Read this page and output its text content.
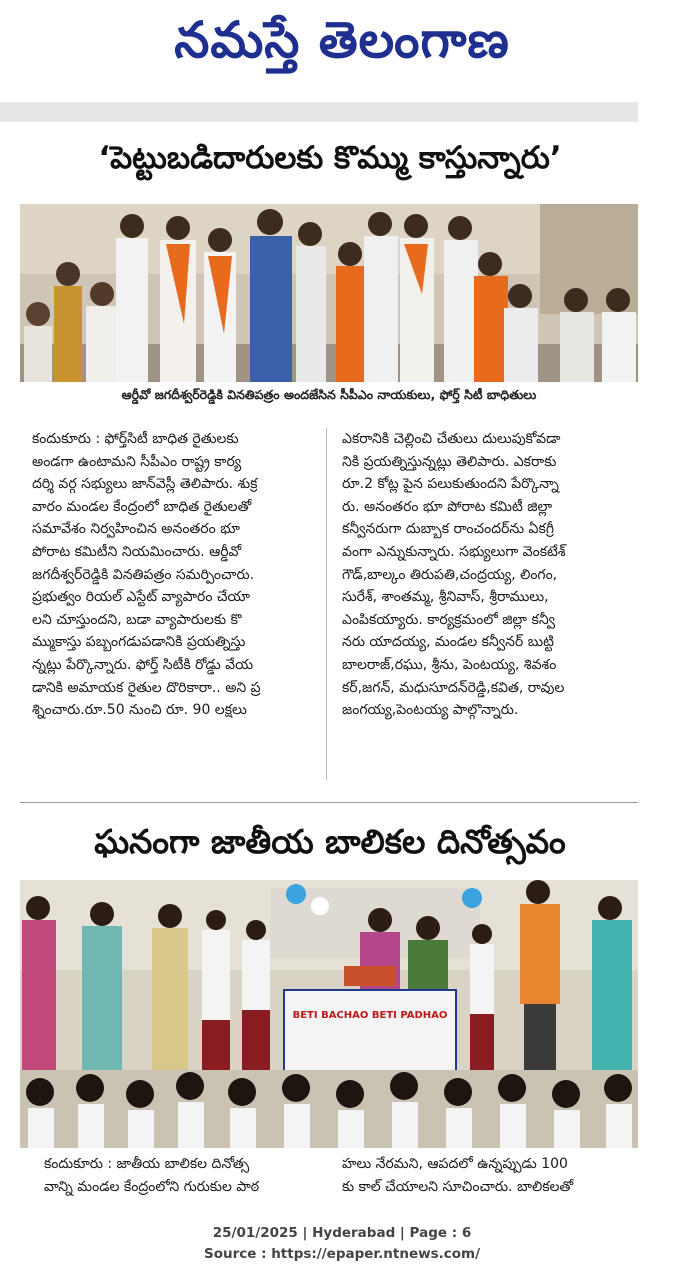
నమస్తే తెలంగాణ
‘పెట్టుబడిదారులకు కొమ్ము కాస్తున్నారు’
ఆర్డీవో జగదీశ్వర్‌రెడ్డికి వినతిపత్రం అందజేసిన సీపీఎం నాయకులు, ఫోర్త్ సిటీ బాధితులు
కందుకూరు : ఫోర్త్‌సిటీ బాధిత రైతులకు
అండగా ఉంటామని సీపీఎం రాష్ట్ర కార్య
దర్శి వర్గ సభ్యులు జాన్‌వెస్లీ తెలిపారు. శుక్ర
వారం మండల కేంద్రంలో బాధిత రైతులతో
సమావేశం నిర్వహించిన అనంతరం భూ
పోరాట కమిటీని నియమించారు. ఆర్డీవో
జగదీశ్వర్‌రెడ్డికి వినతిపత్రం సమర్పించారు.
ప్రభుత్వం రియల్ ఎస్టేట్ వ్యాపారం చేయా
లని చూస్తుందని, బడా వ్యాపారులకు కొ
మ్ముకాస్తు పబ్బంగడుపడానికి ప్రయత్నిస్తు
న్నట్లు పేర్కొన్నారు. ఫోర్త్ సిటీకి రోడ్డు వేయ
డానికి అమాయక రైతుల దొరికారా.. అని ప్ర
శ్నించారు.రూ.50 నుంచి రూ. 90 లక్షలు
ఎకరానికి చెల్లించి చేతులు దులుపుకోవడా
నికి ప్రయత్నిస్తున్నట్లు తెలిపారు. ఎకరాకు
రూ.2 కోట్ల పైన పలుకుతుందని పేర్కొన్నా
రు. అనంతరం భూ పోరాట కమిటీ జిల్లా
కన్వీనరుగా దుబ్బాక రాంచందర్‌ను ఏకగ్రీ
వంగా ఎన్నుకున్నారు. సభ్యులుగా వెంకటేశ్
గౌడ్,బాల్కం తిరుపతి,చంద్రయ్య, లింగం,
సురేశ్, శాంతమ్మ, శ్రీనివాస్, శ్రీరాములు,
ఎంపికయ్యారు. కార్యక్రమంలో జిల్లా కన్వీ
నరు యాదయ్య, మండల కన్వీనర్ బుట్టి
బాలరాజ్,రఘు, శ్రీను, పెంటయ్య, శివశం
కర్,జగన్, మధుసూదన్‌రెడ్డి,కవిత, రావుల
జంగయ్య,పెంటయ్య పాల్గొన్నారు.
ఘనంగా జాతీయ బాలికల దినోత్సవం
BETI BACHAO BETI PADHAO
కందుకూరు : జాతీయ బాలికల దినోత్స
వాన్ని మండల కేంద్రంలోని గురుకుల పాఠ
హలు నేరమని, ఆపదలో ఉన్నప్పుడు 100
కు కాల్ చేయాలని సూచించారు. బాలికలతో
25/01/2025 | Hyderabad | Page : 6
Source : https://epaper.ntnews.com/
